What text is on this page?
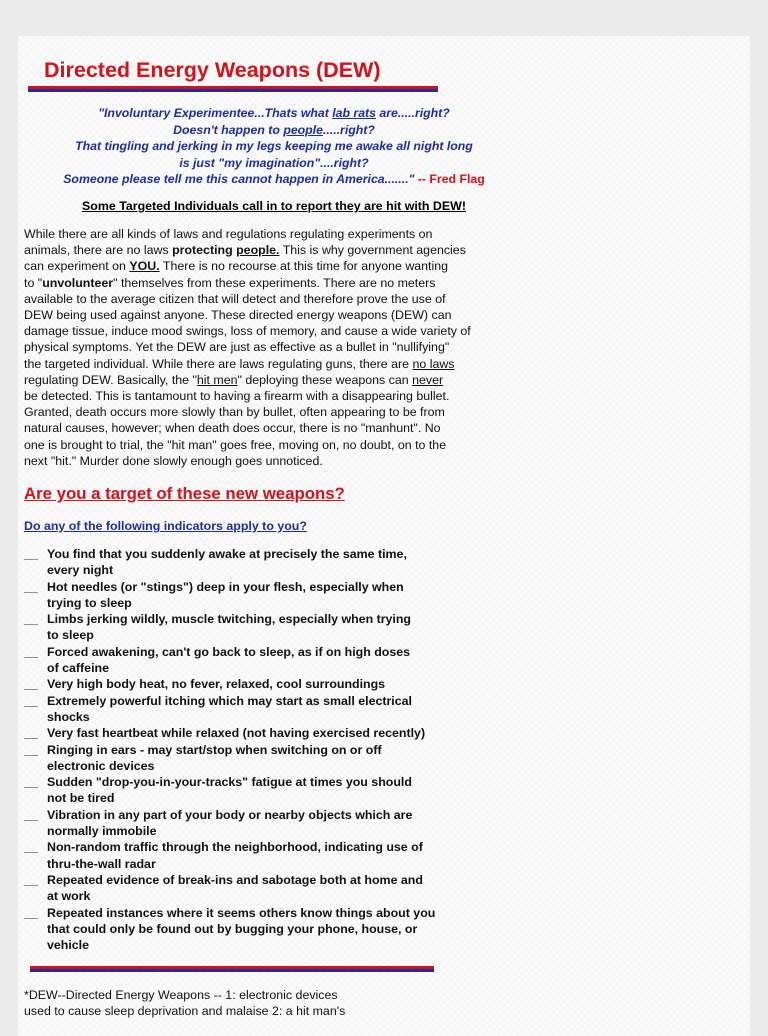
Directed Energy Weapons (DEW)
"Involuntary Experimentee...Thats what lab rats are.....right?
Doesn't happen to people.....right?
That tingling and jerking in my legs keeping me awake all night long
is just "my imagination"....right?
Someone please tell me this cannot happen in America......." -- Fred Flag
Some Targeted Individuals call in to report they are hit with DEW!
While there are all kinds of laws and regulations regulating experiments on
animals, there are no laws protecting people. This is why government agencies
can experiment on YOU. There is no recourse at this time for anyone wanting
to "unvolunteer" themselves from these experiments. There are no meters
available to the average citizen that will detect and therefore prove the use of
DEW being used against anyone. These directed energy weapons (DEW) can
damage tissue, induce mood swings, loss of memory, and cause a wide variety of
physical symptoms. Yet the DEW are just as effective as a bullet in "nullifying"
the targeted individual. While there are laws regulating guns, there are no laws
regulating DEW. Basically, the "hit men" deploying these weapons can never
be detected. This is tantamount to having a firearm with a disappearing bullet.
Granted, death occurs more slowly than by bullet, often appearing to be from
natural causes, however; when death does occur, there is no "manhunt". No
one is brought to trial, the "hit man" goes free, moving on, no doubt, on to the
next "hit." Murder done slowly enough goes unnoticed.
Are you a target of these new weapons?
Do any of the following indicators apply to you?
__ You find that you suddenly awake at precisely the same time,
every night
__ Hot needles (or "stings") deep in your flesh, especially when
trying to sleep
__ Limbs jerking wildly, muscle twitching, especially when trying
to sleep
__ Forced awakening, can't go back to sleep, as if on high doses
of caffeine
__ Very high body heat, no fever, relaxed, cool surroundings
__ Extremely powerful itching which may start as small electrical
shocks
__ Very fast heartbeat while relaxed (not having exercised recently)
__ Ringing in ears - may start/stop when switching on or off
electronic devices
__ Sudden "drop-you-in-your-tracks" fatigue at times you should
not be tired
__ Vibration in any part of your body or nearby objects which are
normally immobile
__ Non-random traffic through the neighborhood, indicating use of
thru-the-wall radar
__ Repeated evidence of break-ins and sabotage both at home and
at work
__ Repeated instances where it seems others know things about you
that could only be found out by bugging your phone, house, or
vehicle
*DEW--Directed Energy Weapons -- 1: electronic devices
used to cause sleep deprivation and malaise 2: a hit man's
